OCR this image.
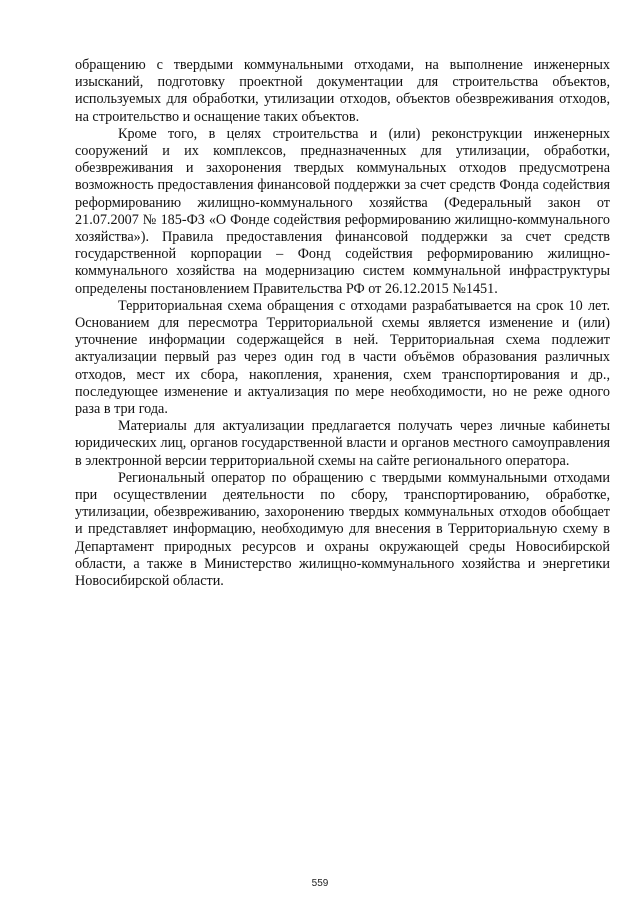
обращению с твердыми коммунальными отходами, на выполнение инженерных изысканий, подготовку проектной документации для строительства объектов, используемых для обработки, утилизации отходов, объектов обезвреживания отходов, на строительство и оснащение таких объектов.

Кроме того, в целях строительства и (или) реконструкции инженерных сооружений и их комплексов, предназначенных для утилизации, обработки, обезвреживания и захоронения твердых коммунальных отходов предусмотрена возможность предоставления финансовой поддержки за счет средств Фонда содействия реформированию жилищно-коммунального хозяйства (Федеральный закон от 21.07.2007 № 185-ФЗ «О Фонде содействия реформированию жилищно-коммунального хозяйства»). Правила предоставления финансовой поддержки за счет средств государственной корпорации – Фонд содействия реформированию жилищно-коммунального хозяйства на модернизацию систем коммунальной инфраструктуры определены постановлением Правительства РФ от 26.12.2015 №1451.

Территориальная схема обращения с отходами разрабатывается на срок 10 лет. Основанием для пересмотра Территориальной схемы является изменение и (или) уточнение информации содержащейся в ней. Территориальная схема подлежит актуализации первый раз через один год в части объёмов образования различных отходов, мест их сбора, накопления, хранения, схем транспортирования и др., последующее изменение и актуализация по мере необходимости, но не реже одного раза в три года.

Материалы для актуализации предлагается получать через личные кабинеты юридических лиц, органов государственной власти и органов местного самоуправления в электронной версии территориальной схемы на сайте регионального оператора.

Региональный оператор по обращению с твердыми коммунальными отходами при осуществлении деятельности по сбору, транспортированию, обработке, утилизации, обезвреживанию, захоронению твердых коммунальных отходов обобщает и представляет информацию, необходимую для внесения в Территориальную схему в Департамент природных ресурсов и охраны окружающей среды Новосибирской области, а также в Министерство жилищно-коммунального хозяйства и энергетики Новосибирской области.

559
